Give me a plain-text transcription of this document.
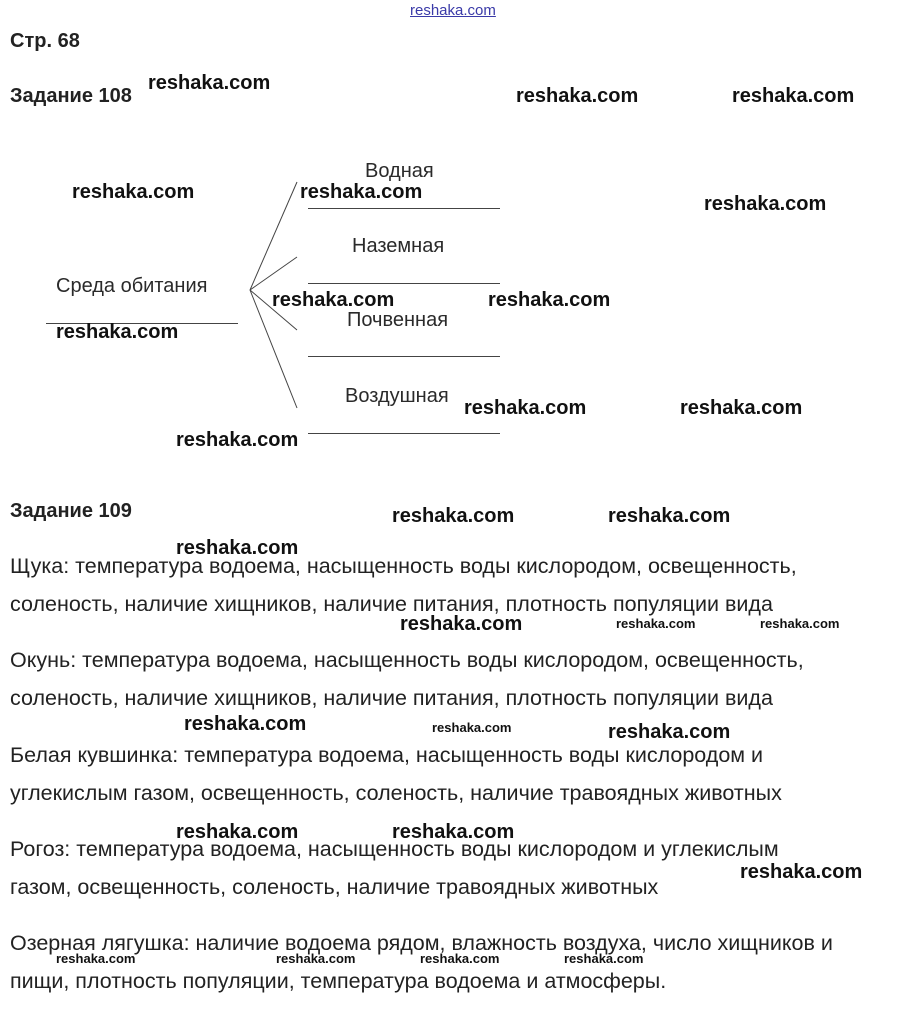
reshaka.com
Стр. 68
Задание 108
Среда обитания
Водная
Наземная
Почвенная
Воздушная
Задание 109
Щука: температура водоема, насыщенность воды кислородом, освещенность,
соленость, наличие хищников, наличие питания, плотность популяции вида
Окунь: температура водоема, насыщенность воды кислородом, освещенность,
соленость, наличие хищников, наличие питания, плотность популяции вида
Белая кувшинка: температура водоема, насыщенность воды кислородом и
углекислым газом, освещенность, соленость, наличие травоядных животных
Рогоз: температура водоема, насыщенность воды кислородом и углекислым
газом, освещенность, соленость, наличие травоядных животных
Озерная лягушка: наличие водоема рядом, влажность воздуха, число хищников и
пищи, плотность популяции, температура водоема и атмосферы.
reshaka.com
reshaka.com	reshaka.com
reshaka.com	reshaka.com
reshaka.com
reshaka.com	reshaka.com
reshaka.com
reshaka.com	reshaka.com
reshaka.com
reshaka.com	reshaka.com
reshaka.com
reshaka.com	reshaka.com	reshaka.com
reshaka.com	reshaka.com	reshaka.com
reshaka.com	reshaka.com
reshaka.com
reshaka.com	reshaka.com	reshaka.com	reshaka.com
